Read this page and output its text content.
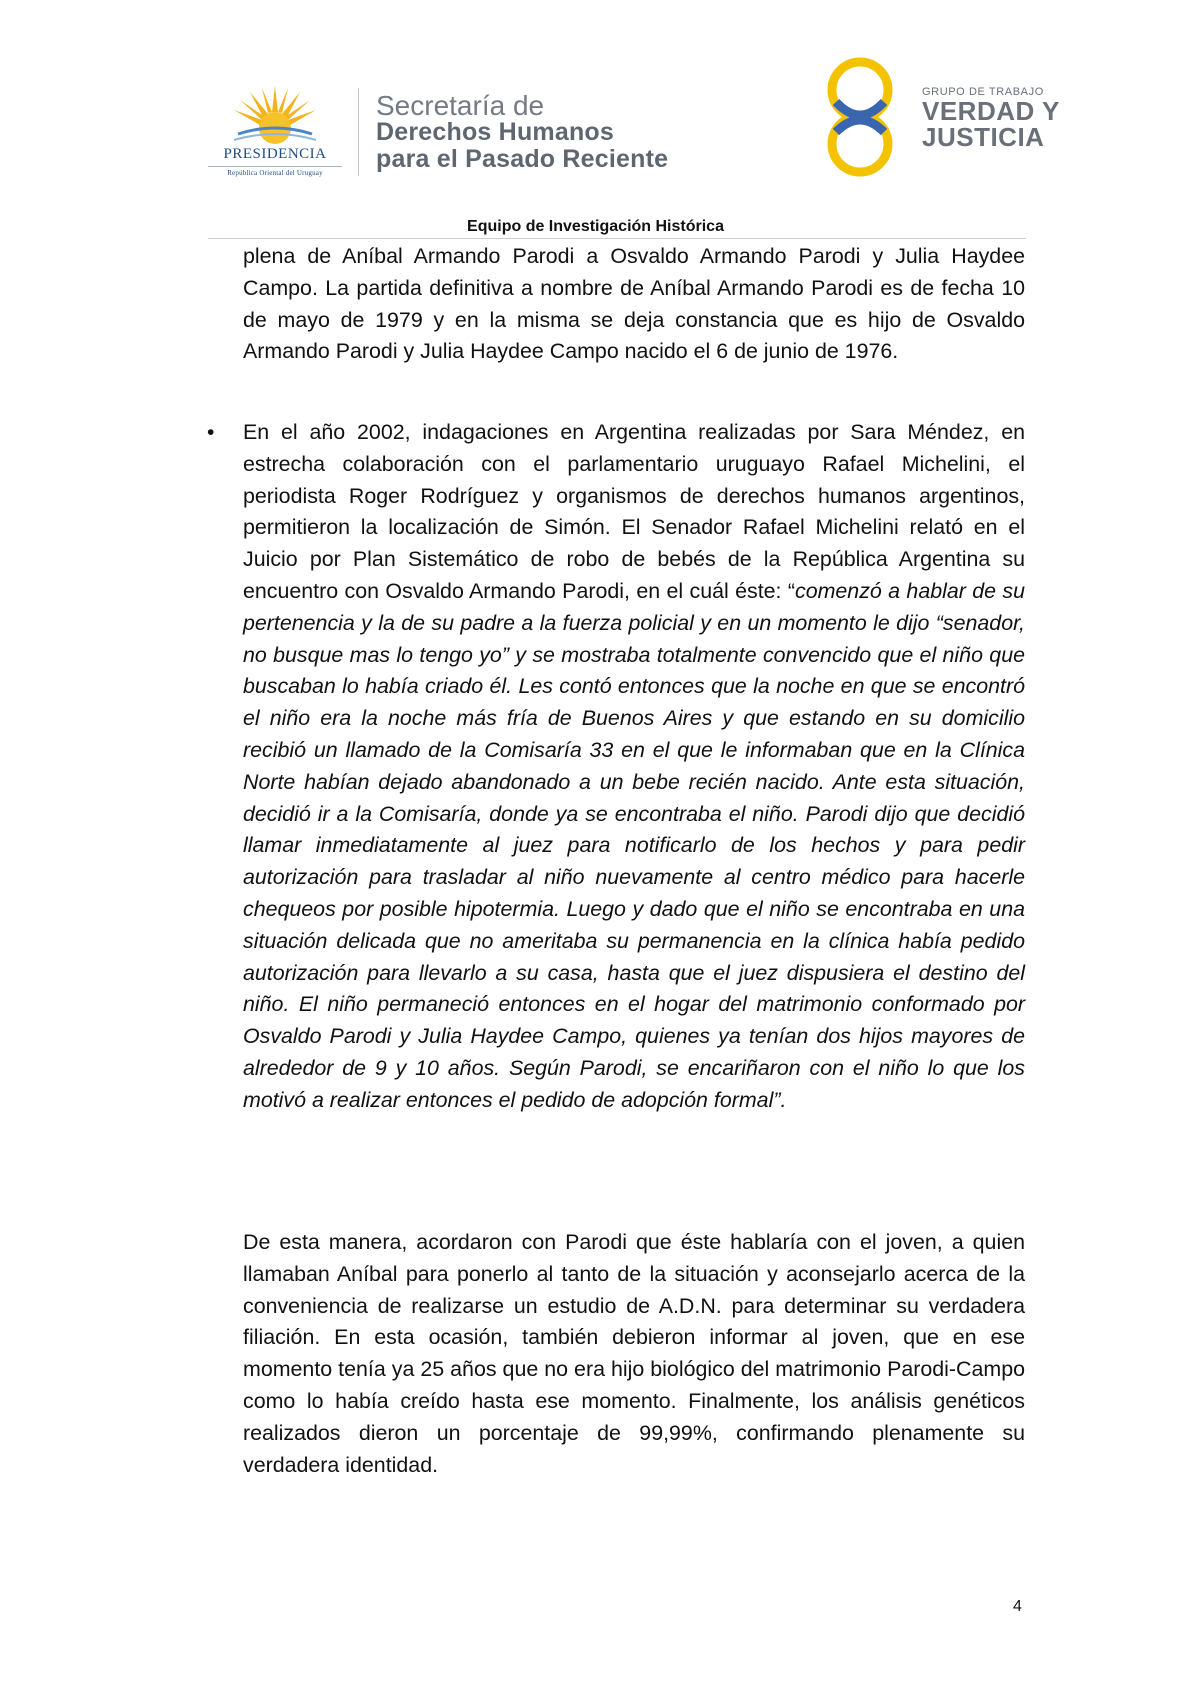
PRESIDENCIA
República Oriental del Uruguay
Secretaría de
Derechos Humanos
para el Pasado Reciente
GRUPO DE TRABAJO
VERDAD Y
JUSTICIA
Equipo de Investigación Histórica
plena de Aníbal Armando Parodi a Osvaldo Armando Parodi y Julia Haydee Campo. La partida definitiva a nombre de Aníbal Armando Parodi es de fecha 10 de mayo de 1979 y en la misma se deja constancia que es hijo de Osvaldo Armando Parodi y Julia Haydee Campo nacido el 6 de junio de 1976.
• En el año 2002, indagaciones en Argentina realizadas por Sara Méndez, en estrecha colaboración con el parlamentario uruguayo Rafael Michelini, el periodista Roger Rodríguez y organismos de derechos humanos argentinos, permitieron la localización de Simón. El Senador Rafael Michelini relató en el Juicio por Plan Sistemático de robo de bebés de la República Argentina su encuentro con Osvaldo Armando Parodi, en el cuál éste: “comenzó a hablar de su pertenencia y la de su padre a la fuerza policial y en un momento le dijo “senador, no busque mas lo tengo yo” y se mostraba totalmente convencido que el niño que buscaban lo había criado él. Les contó entonces que la noche en que se encontró el niño era la noche más fría de Buenos Aires y que estando en su domicilio recibió un llamado de la Comisaría 33 en el que le informaban que en la Clínica Norte habían dejado abandonado a un bebe recién nacido. Ante esta situación, decidió ir a la Comisaría, donde ya se encontraba el niño. Parodi dijo que decidió llamar inmediatamente al juez para notificarlo de los hechos y para pedir autorización para trasladar al niño nuevamente al centro médico para hacerle chequeos por posible hipotermia. Luego y dado que el niño se encontraba en una situación delicada que no ameritaba su permanencia en la clínica había pedido autorización para llevarlo a su casa, hasta que el juez dispusiera el destino del niño. El niño permaneció entonces en el hogar del matrimonio conformado por Osvaldo Parodi y Julia Haydee Campo, quienes ya tenían dos hijos mayores de alrededor de 9 y 10 años. Según Parodi, se encariñaron con el niño lo que los motivó a realizar entonces el pedido de adopción formal”.
De esta manera, acordaron con Parodi que éste hablaría con el joven, a quien llamaban Aníbal para ponerlo al tanto de la situación y aconsejarlo acerca de la conveniencia de realizarse un estudio de A.D.N. para determinar su verdadera filiación. En esta ocasión, también debieron informar al joven, que en ese momento tenía ya 25 años que no era hijo biológico del matrimonio Parodi-Campo como lo había creído hasta ese momento. Finalmente, los análisis genéticos realizados dieron un porcentaje de 99,99%, confirmando plenamente su verdadera identidad.
4
